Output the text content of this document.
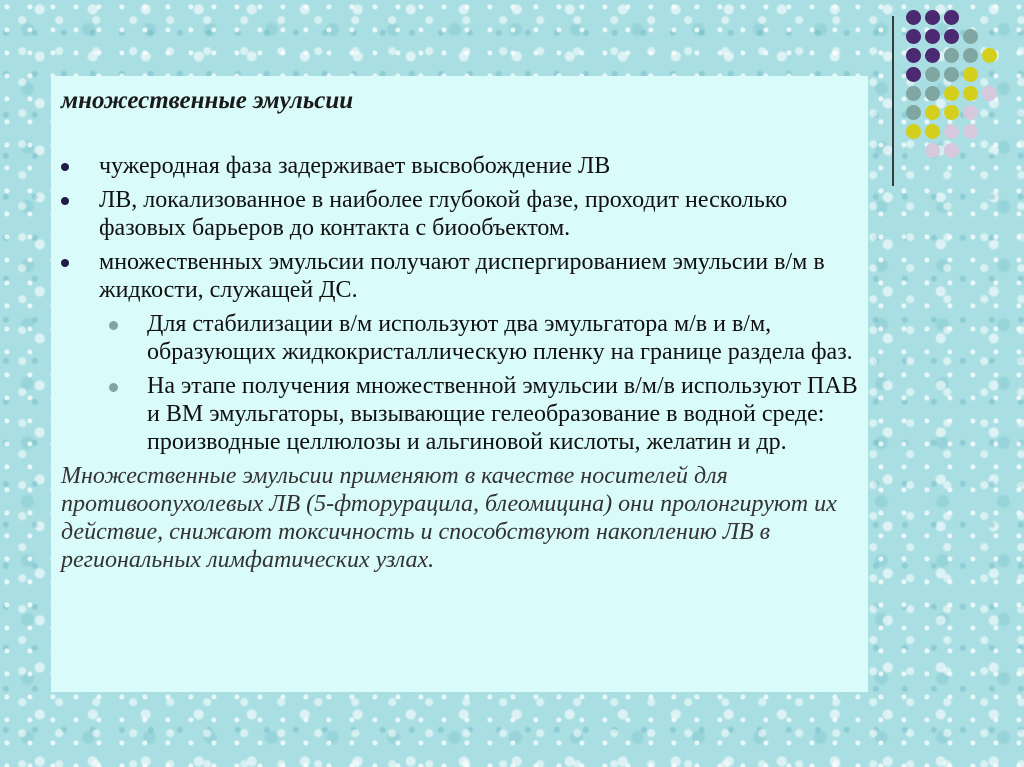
множественные эмульсии
чужеродная фаза задерживает высвобождение ЛВ
ЛВ, локализованное в наиболее глубокой фазе, проходит несколько фазовых барьеров до контакта с биообъектом.
множественных эмульсии получают диспергированием эмульсии в/м в жидкости, служащей ДС.
Для стабилизации в/м используют два эмульгатора м/в и в/м, образующих жидкокристаллическую пленку на границе раздела фаз.
На этапе получения множественной эмульсии в/м/в используют ПАВ и ВМ эмульгаторы, вызывающие гелеобразование в водной среде: производные целлюлозы и альгиновой кислоты, желатин и др.

Множественные эмульсии применяют в качестве носителей для противоопухолевых ЛВ (5-фторурацила, блеомицина) они пролонгируют их действие, снижают токсичность и способствуют накоплению ЛВ в региональных лимфатических узлах.
